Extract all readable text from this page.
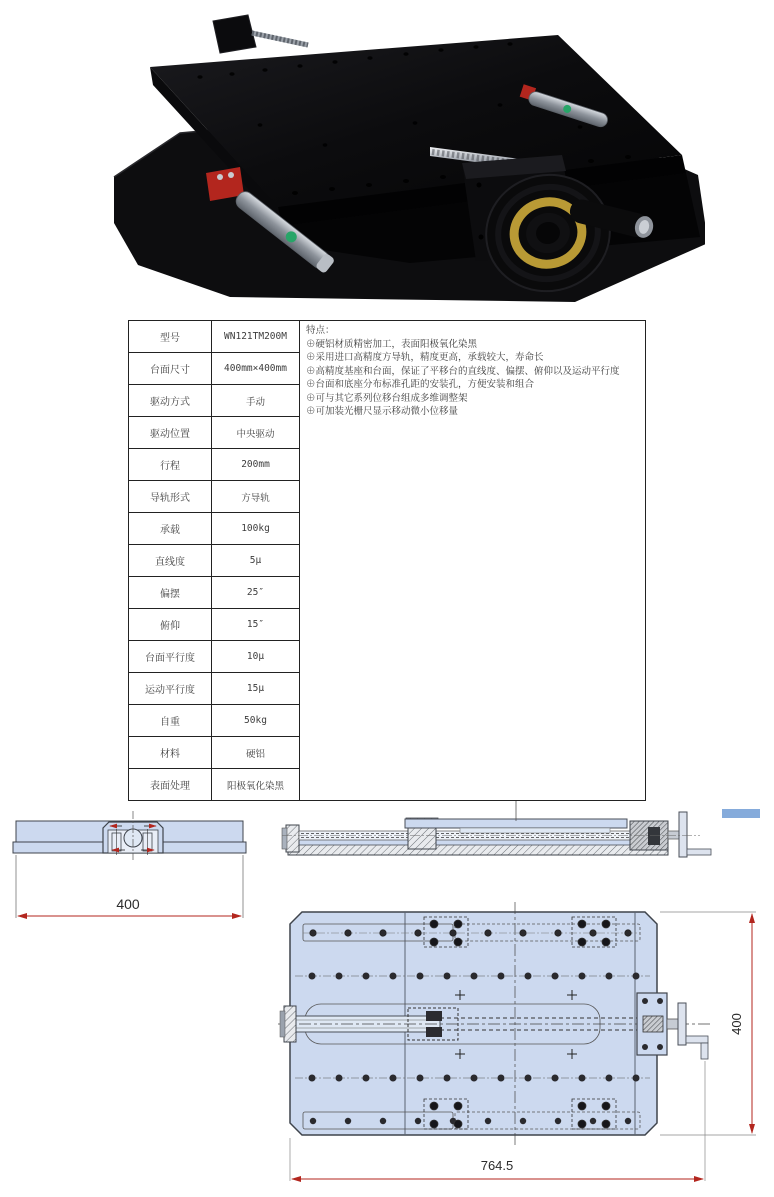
型号	WN121TM200M	
特点：
⊕硬铝材质精密加工，表面阳极氧化染黑
⊕采用进口高精度方导轨，精度更高，承载较大，寿命长
⊕高精度基座和台面，保证了平移台的直线度、偏摆、俯仰以及运动平行度
⊕台面和底座分布标准孔距的安装孔，方便安装和组合
⊕可与其它系列位移台组成多维调整架
⊕可加装光栅尺显示移动微小位移量

台面尺寸	400mm×400mm	
驱动方式	手动	
驱动位置	中央驱动	
行程	200mm	
导轨形式	方导轨	
承载	100kg	
直线度	5μ	
偏摆	25″	
俯仰	15″	
台面平行度	10μ	
运动平行度	15μ	
自重	50kg	
材料	硬铝	
表面处理	阳极氧化染黑	
400
400
764.5
